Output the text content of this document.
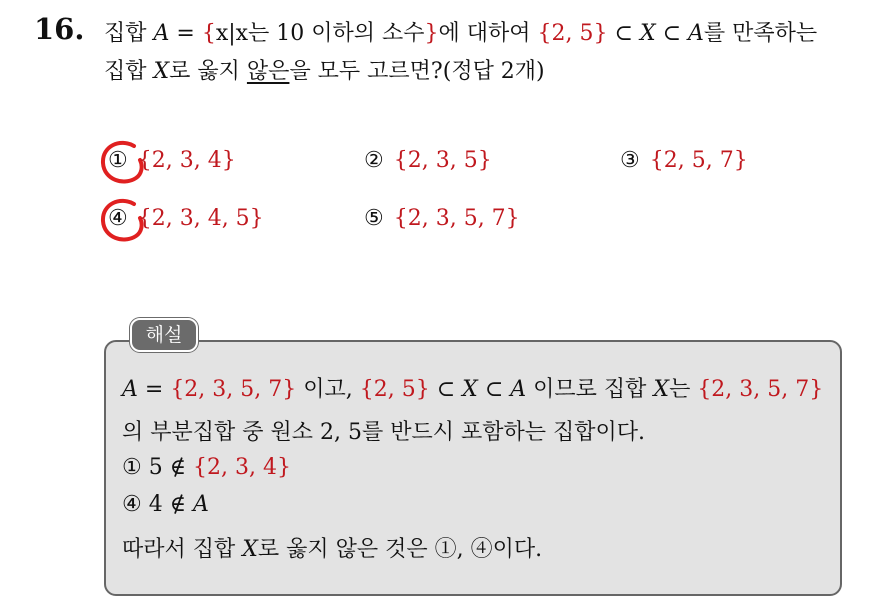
16. 집합 A = {x|x는 10 이하의 소수}에 대하여 {2, 5} ⊂ X ⊂ A를 만족하는
집합 X로 옳지 않은을 모두 고르면?(정답 2개)
① {2, 3, 4}	② {2, 3, 5}	③ {2, 5, 7}
④ {2, 3, 4, 5}	⑤ {2, 3, 5, 7}
해설
A = {2, 3, 5, 7} 이고, {2, 5} ⊂ X ⊂ A 이므로 집합 X는 {2, 3, 5, 7}
의 부분집합 중 원소 2, 5를 반드시 포함하는 집합이다.
① 5 ∉ {2, 3, 4}
④ 4 ∉ A
따라서 집합 X로 옳지 않은 것은 ①, ④이다.
